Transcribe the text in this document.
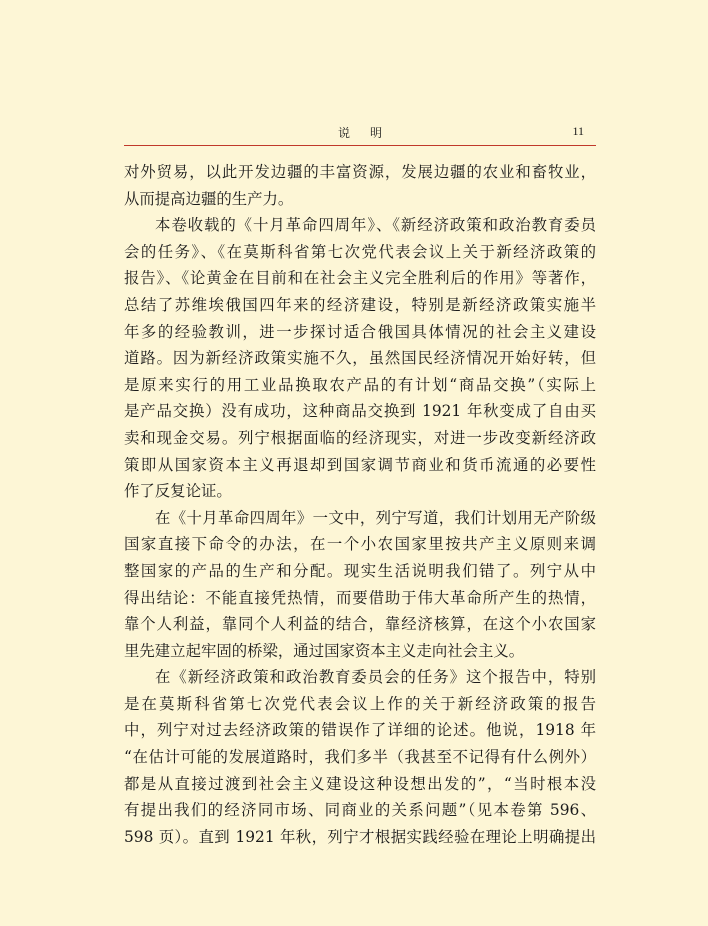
说明	11
对外贸易，以此开发边疆的丰富资源，发展边疆的农业和畜牧业，
从而提高边疆的生产力。
本卷收载的《十月革命四周年》、《新经济政策和政治教育委员
会的任务》、《在莫斯科省第七次党代表会议上关于新经济政策的
报告》、《论黄金在目前和在社会主义完全胜利后的作用》等著作，
总结了苏维埃俄国四年来的经济建设，特别是新经济政策实施半
年多的经验教训，进一步探讨适合俄国具体情况的社会主义建设
道路。因为新经济政策实施不久，虽然国民经济情况开始好转，但
是原来实行的用工业品换取农产品的有计划“商品交换”（实际上
是产品交换）没有成功，这种商品交换到 1921 年秋变成了自由买
卖和现金交易。列宁根据面临的经济现实，对进一步改变新经济政
策即从国家资本主义再退却到国家调节商业和货币流通的必要性
作了反复论证。
在《十月革命四周年》一文中，列宁写道，我们计划用无产阶级
国家直接下命令的办法，在一个小农国家里按共产主义原则来调
整国家的产品的生产和分配。现实生活说明我们错了。列宁从中
得出结论：不能直接凭热情，而要借助于伟大革命所产生的热情，
靠个人利益，靠同个人利益的结合，靠经济核算，在这个小农国家
里先建立起牢固的桥梁，通过国家资本主义走向社会主义。
在《新经济政策和政治教育委员会的任务》这个报告中，特别
是在莫斯科省第七次党代表会议上作的关于新经济政策的报告
中，列宁对过去经济政策的错误作了详细的论述。他说，1918 年
“在估计可能的发展道路时，我们多半（我甚至不记得有什么例外）
都是从直接过渡到社会主义建设这种设想出发的”，“当时根本没
有提出我们的经济同市场、同商业的关系问题”（见本卷第 596、
598 页）。直到 1921 年秋，列宁才根据实践经验在理论上明确提出
